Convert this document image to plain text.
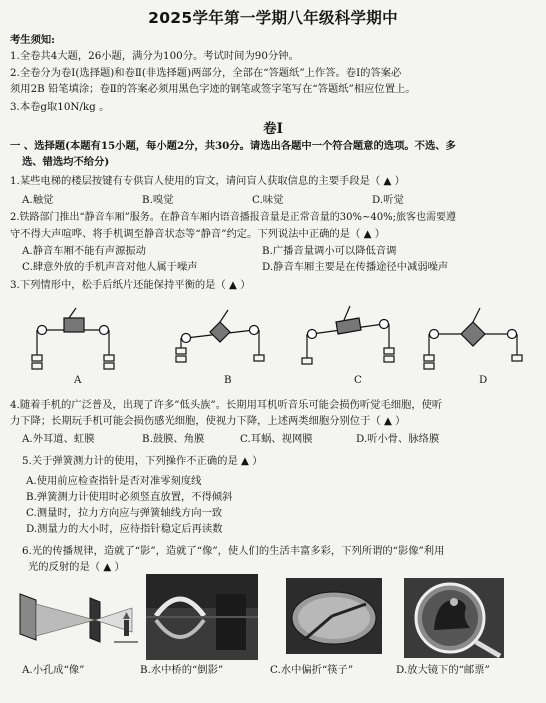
2025学年第一学期八年级科学期中
考生须知:
1.全卷共4大题，26小题，满分为100分。考试时间为90分钟。
2.全卷分为卷Ⅰ(选择题)和卷Ⅱ(非选择题)两部分，全部在“答题纸”上作答。卷Ⅰ的答案必
须用2B 铅笔填涂；卷Ⅱ的答案必须用黑色字迹的钢笔或签字笔写在“答题纸”相应位置上。
3.本卷g取10N/kg 。
卷Ⅰ
一 、选择题(本题有15小题，每小题2分，共30分。请选出各题中一个符合题意的选项。不选、多
选、错选均不给分)
1.某些电梯的楼层按键有专供盲人使用的盲文，请问盲人获取信息的主要手段是（ ▲ ）
A.触觉	B.嗅觉	C.味觉	D.听觉
2.铁路部门推出“静音车厢”服务。在静音车厢内语音播报音量是正常音量的30%~40%;旅客也需要遵
守不得大声喧哗、将手机调至静音状态等“静音”约定。下列说法中正确的是（ ▲ ）
A.静音车厢不能有声源振动	B.广播音量调小可以降低音调
C.肆意外放的手机声音对他人属于噪声	D.静音车厢主要是在传播途径中减弱噪声
3.下列情形中，松手后纸片还能保持平衡的是（ ▲ ）
A	B	C	D
4.随着手机的广泛普及，出现了许多”低头族”。长期用耳机听音乐可能会损伤听觉毛细胞，使听
力下降；长期玩手机可能会损伤感光细胞，使视力下降，上述两类细胞分别位于（ ▲ ）
A.外耳道、虹膜	B.鼓膜、角膜	C.耳蜗、视网膜	D.听小骨、脉络膜
5.关于弹簧测力计的使用，下列操作不正确的是 ▲ ）
A.使用前应检查指针是否对准零刻度线
B.弹簧测力计使用时必须竖直放置，不得倾斜
C.测量时，拉力方向应与弹簧轴线方向一致
D.测量力的大小时，应待指针稳定后再读数
6.光的传播规律，造就了“影”，造就了“像”，使人们的生活丰富多彩，下列所谓的“影像”利用
光的反射的是（ ▲ ）
A.小孔成“像”	B.水中桥的“倒影”	C.水中偏折“筷子”	D.放大镜下的“邮票”
